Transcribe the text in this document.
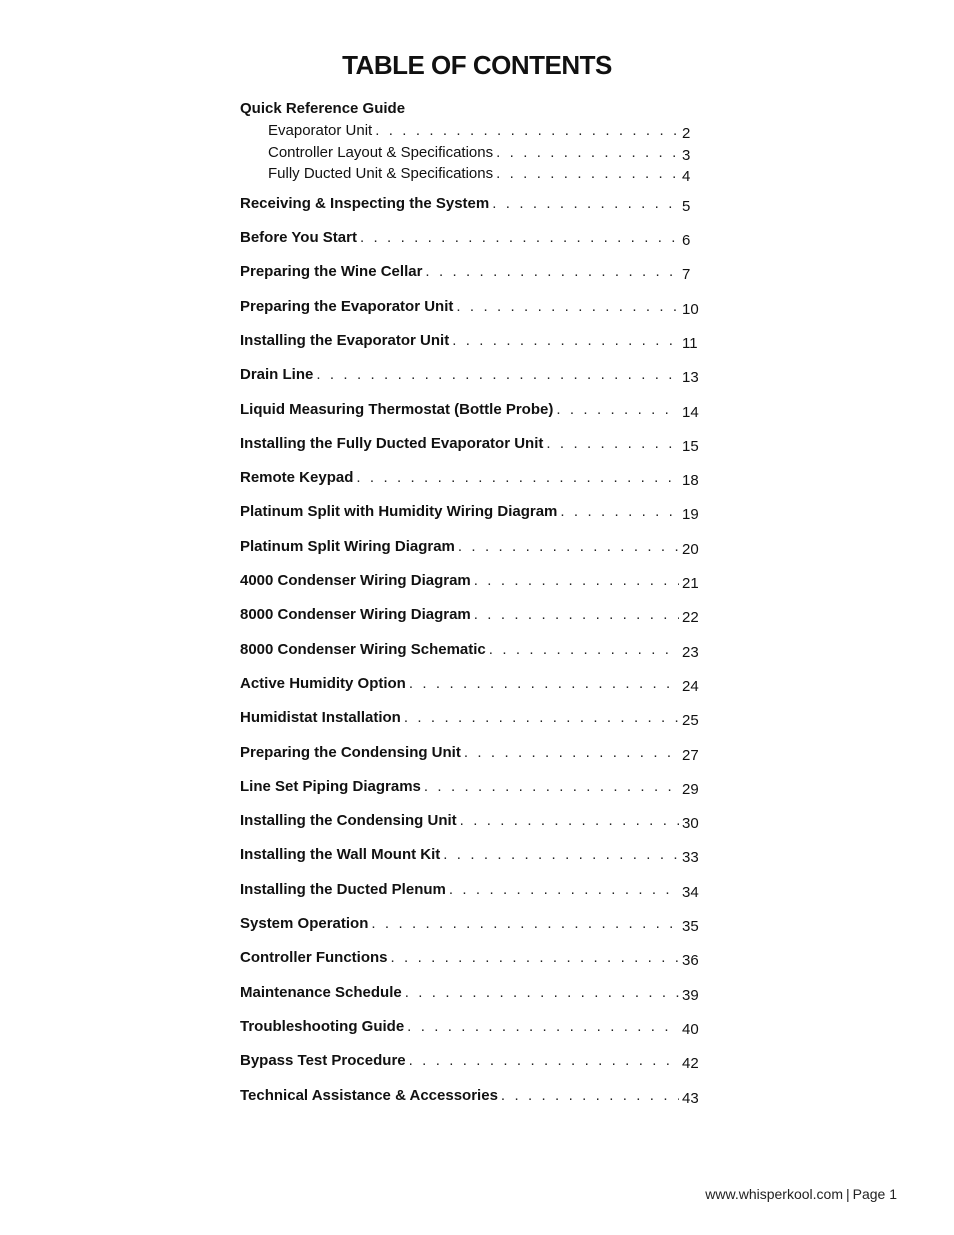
TABLE OF CONTENTS
Quick Reference Guide
Evaporator Unit . . .	2
Controller Layout & Specifications . . .	3
Fully Ducted Unit & Specifications . . .	4
Receiving & Inspecting the System . . .	5
Before You Start . . .	6
Preparing the Wine Cellar . . .	7
Preparing the Evaporator Unit . . .	10
Installing the Evaporator Unit . . .	11
Drain Line . . .	13
Liquid Measuring Thermostat (Bottle Probe) . . .	14
Installing the Fully Ducted Evaporator Unit . . .	15
Remote Keypad . . .	18
Platinum Split with Humidity Wiring Diagram . . .	19
Platinum Split Wiring Diagram . . .	20
4000 Condenser Wiring Diagram . . .	21
8000 Condenser Wiring Diagram . . .	22
8000 Condenser Wiring Schematic . . .	23
Active Humidity Option . . .	24
Humidistat Installation . . .	25
Preparing the Condensing Unit . . .	27
Line Set Piping Diagrams . . .	29
Installing the Condensing Unit . . .	30
Installing the Wall Mount Kit . . .	33
Installing the Ducted Plenum . . .	34
System Operation . . .	35
Controller Functions . . .	36
Maintenance Schedule . . .	39
Troubleshooting Guide . . .	40
Bypass Test Procedure . . .	42
Technical Assistance & Accessories . . .	43
www.whisperkool.com | Page 1
